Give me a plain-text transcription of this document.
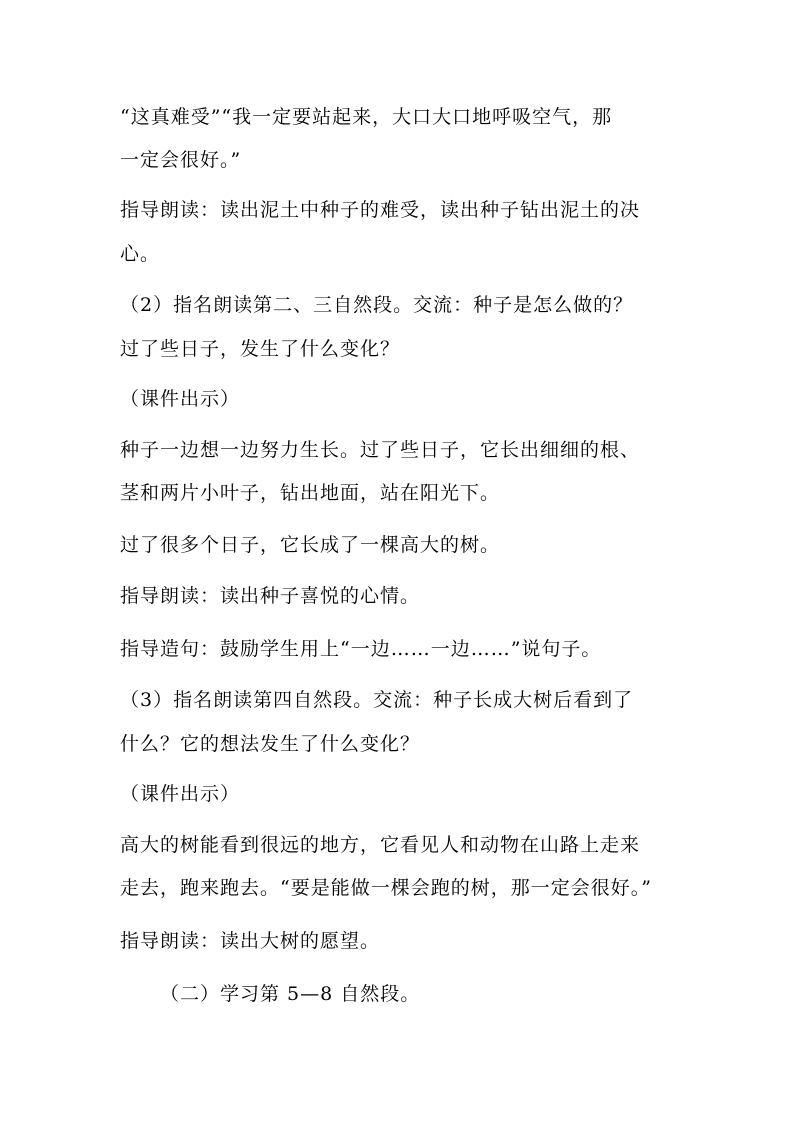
“这真难受”“我一定要站起来，大口大口地呼吸空气，那
一定会很好。”
指导朗读：读出泥土中种子的难受，读出种子钻出泥土的决
心。
（2）指名朗读第二、三自然段。交流：种子是怎么做的？
过了些日子，发生了什么变化？
（课件出示）
种子一边想一边努力生长。过了些日子，它长出细细的根、
茎和两片小叶子，钻出地面，站在阳光下。
过了很多个日子，它长成了一棵高大的树。
指导朗读：读出种子喜悦的心情。
指导造句：鼓励学生用上“一边……一边……”说句子。
（3）指名朗读第四自然段。交流：种子长成大树后看到了
什么？它的想法发生了什么变化？
（课件出示）
高大的树能看到很远的地方，它看见人和动物在山路上走来
走去，跑来跑去。“要是能做一棵会跑的树，那一定会很好。”
指导朗读：读出大树的愿望。
（二）学习第 5—8 自然段。
